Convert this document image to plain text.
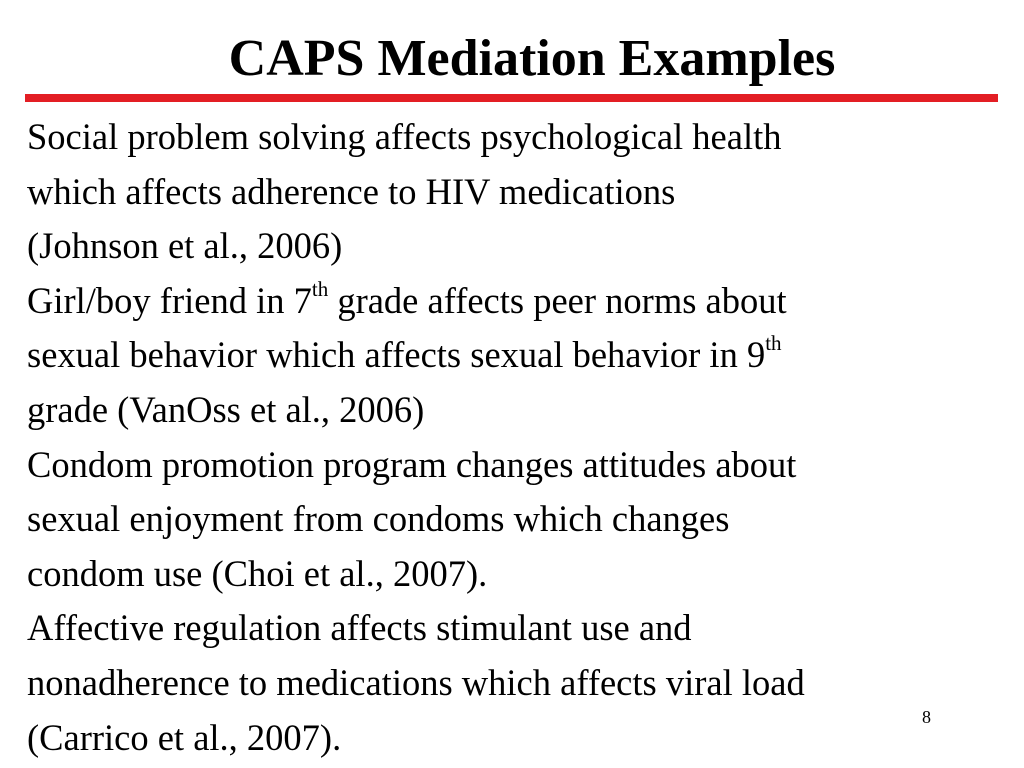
CAPS Mediation Examples
Social problem solving affects psychological health
which affects adherence to HIV medications
(Johnson et al., 2006)
Girl/boy friend in 7th grade affects peer norms about
sexual behavior which affects sexual behavior in 9th
grade (VanOss et al., 2006)
Condom promotion program changes attitudes about
sexual enjoyment from condoms which changes
condom use (Choi et al., 2007).
Affective regulation affects stimulant use and
nonadherence to medications which affects viral load
(Carrico et al., 2007).	8
